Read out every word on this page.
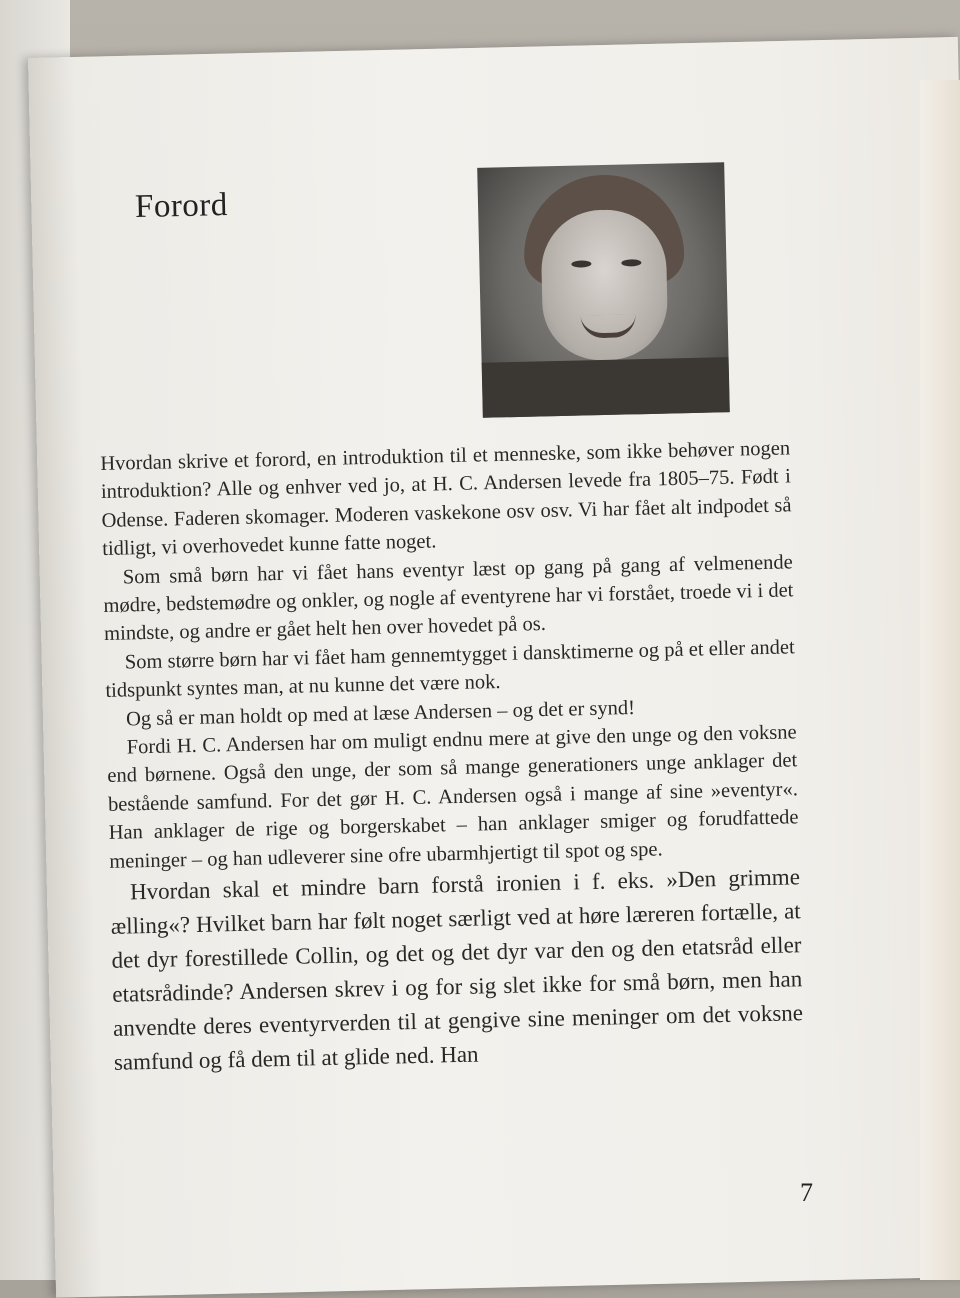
Forord

Hvordan skrive et forord, en introduktion til et menneske, som ikke behøver nogen introduktion? Alle og enhver ved jo, at H. C. Andersen levede fra 1805–75. Født i Odense. Faderen skomager. Moderen vaskekone osv osv. Vi har fået alt indpodet så tidligt, vi overhovedet kunne fatte noget.

Som små børn har vi fået hans eventyr læst op gang på gang af velmenende mødre, bedstemødre og onkler, og nogle af eventyrene har vi forstået, troede vi i det mindste, og andre er gået helt hen over hovedet på os.

Som større børn har vi fået ham gennemtygget i dansktimerne og på et eller andet tidspunkt syntes man, at nu kunne det være nok.

Og så er man holdt op med at læse Andersen – og det er synd!

Fordi H. C. Andersen har om muligt endnu mere at give den unge og den voksne end børnene. Også den unge, der som så mange generationers unge anklager det bestående samfund. For det gør H. C. Andersen også i mange af sine »eventyr«. Han anklager de rige og borgerskabet – han anklager smiger og forudfattede meninger – og han udleverer sine ofre ubarmhjertigt til spot og spe.

Hvordan skal et mindre barn forstå ironien i f. eks. »Den grimme ælling«? Hvilket barn har følt noget særligt ved at høre læreren fortælle, at det dyr forestillede Collin, og det og det dyr var den og den etatsråd eller etatsrådinde? Andersen skrev i og for sig slet ikke for små børn, men han anvendte deres eventyrverden til at gengive sine meninger om det voksne samfund og få dem til at glide ned. Han

7
